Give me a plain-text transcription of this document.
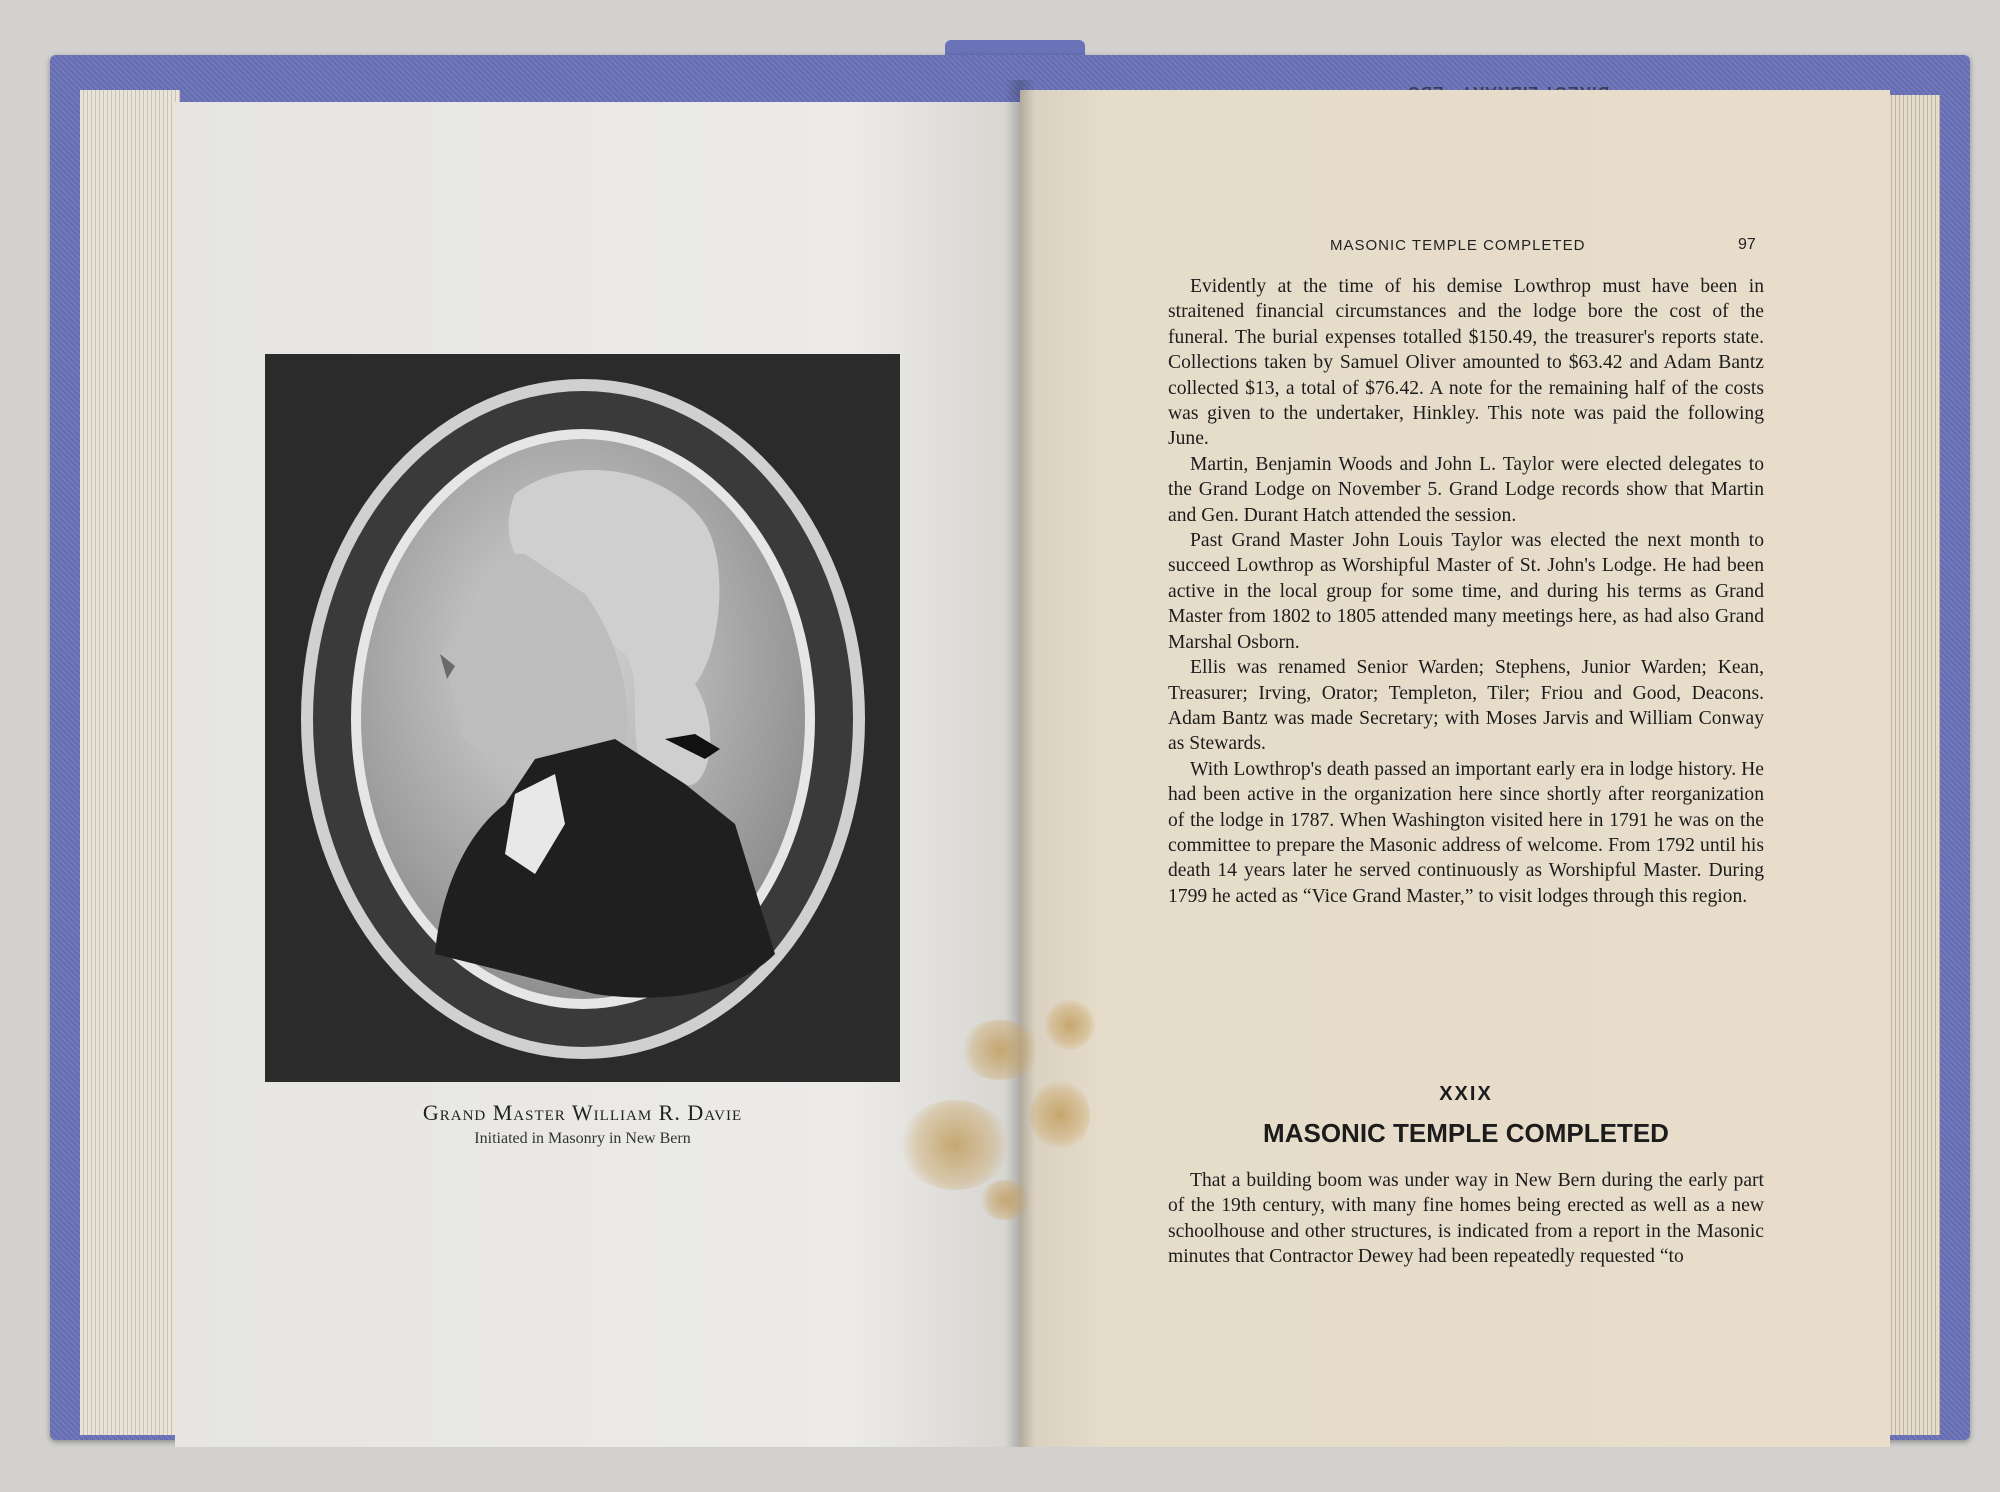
Grand Master William R. Davie
Initiated in Masonry in New Bern
MASONIC TEMPLE COMPLETED	97

Evidently at the time of his demise Lowthrop must have been in straitened financial circumstances and the lodge bore the cost of the funeral. The burial expenses totalled $150.49, the treasurer's reports state. Collections taken by Samuel Oliver amounted to $63.42 and Adam Bantz collected $13, a total of $76.42. A note for the remaining half of the costs was given to the undertaker, Hinkley. This note was paid the following June.

Martin, Benjamin Woods and John L. Taylor were elected delegates to the Grand Lodge on November 5. Grand Lodge records show that Martin and Gen. Durant Hatch attended the session.

Past Grand Master John Louis Taylor was elected the next month to succeed Lowthrop as Worshipful Master of St. John's Lodge. He had been active in the local group for some time, and during his terms as Grand Master from 1802 to 1805 attended many meetings here, as had also Grand Marshal Osborn.

Ellis was renamed Senior Warden; Stephens, Junior Warden; Kean, Treasurer; Irving, Orator; Templeton, Tiler; Friou and Good, Deacons. Adam Bantz was made Secretary; with Moses Jarvis and William Conway as Stewards.

With Lowthrop's death passed an important early era in lodge history. He had been active in the organization here since shortly after reorganization of the lodge in 1787. When Washington visited here in 1791 he was on the committee to prepare the Masonic address of welcome. From 1792 until his death 14 years later he served continuously as Worshipful Master. During 1799 he acted as “Vice Grand Master,” to visit lodges through this region.

XXIX
MASONIC TEMPLE COMPLETED

That a building boom was under way in New Bern during the early part of the 19th century, with many fine homes being erected as well as a new schoolhouse and other structures, is indicated from a report in the Masonic minutes that Contractor Dewey had been repeatedly requested “to
